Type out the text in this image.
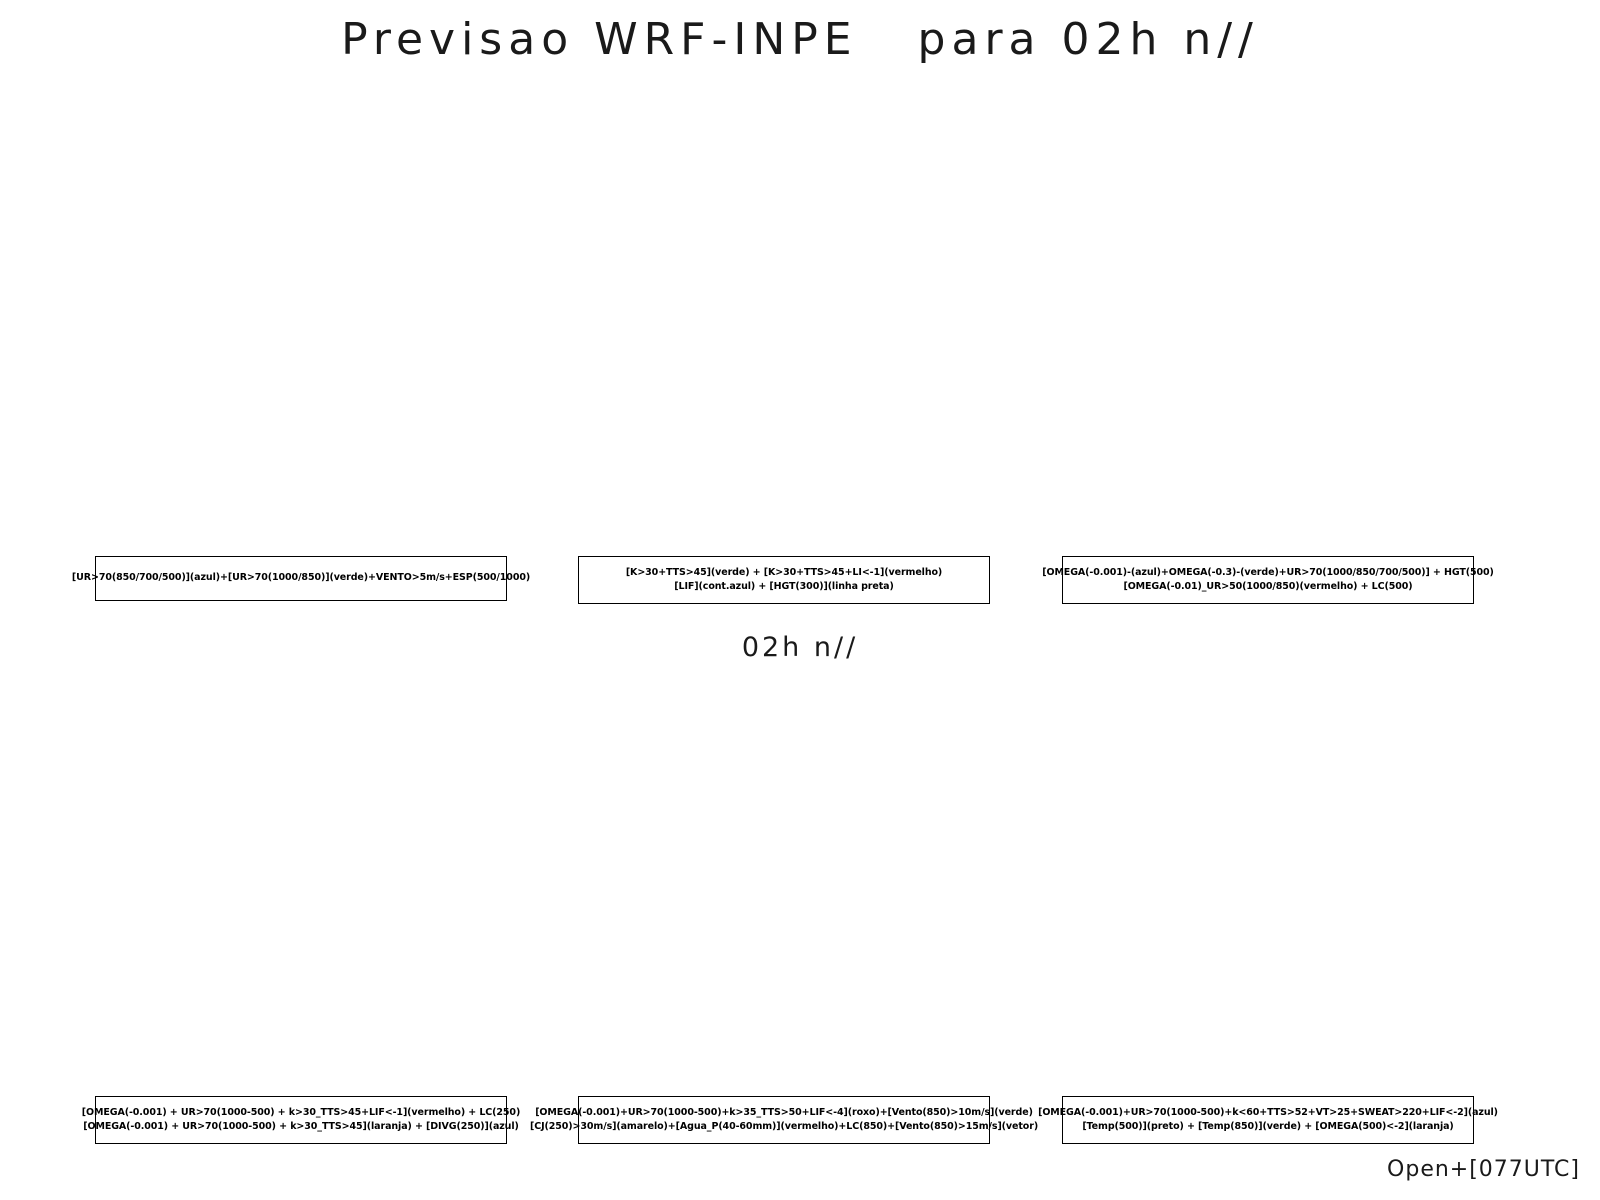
Previsao WRF-INPE   para 02h n//
[UR>70(850/700/500)](azul)+[UR>70(1000/850)](verde)+VENTO>5m/s+ESP(500/1000)
[K>30+TTS>45](verde) + [K>30+TTS>45+LI<-1](vermelho)
[LIF](cont.azul) + [HGT(300)](linha preta)
[OMEGA(-0.001)-(azul)+OMEGA(-0.3)-(verde)+UR>70(1000/850/700/500)] + HGT(500)
[OMEGA(-0.01)_UR>50(1000/850)(vermelho) + LC(500)
02h n//
[OMEGA(-0.001) + UR>70(1000-500) + k>30_TTS>45+LIF<-1](vermelho) + LC(250)
[OMEGA(-0.001) + UR>70(1000-500) + k>30_TTS>45](laranja) + [DIVG(250)](azul)
[OMEGA(-0.001)+UR>70(1000-500)+k>35_TTS>50+LIF<-4](roxo)+[Vento(850)>10m/s](verde)
[CJ(250)>30m/s](amarelo)+[Agua_P(40-60mm)](vermelho)+LC(850)+[Vento(850)>15m/s](vetor)
[OMEGA(-0.001)+UR>70(1000-500)+k<60+TTS>52+VT>25+SWEAT>220+LIF<-2](azul)
[Temp(500)](preto) + [Temp(850)](verde) + [OMEGA(500)<-2](laranja)
Open+[077UTC]
